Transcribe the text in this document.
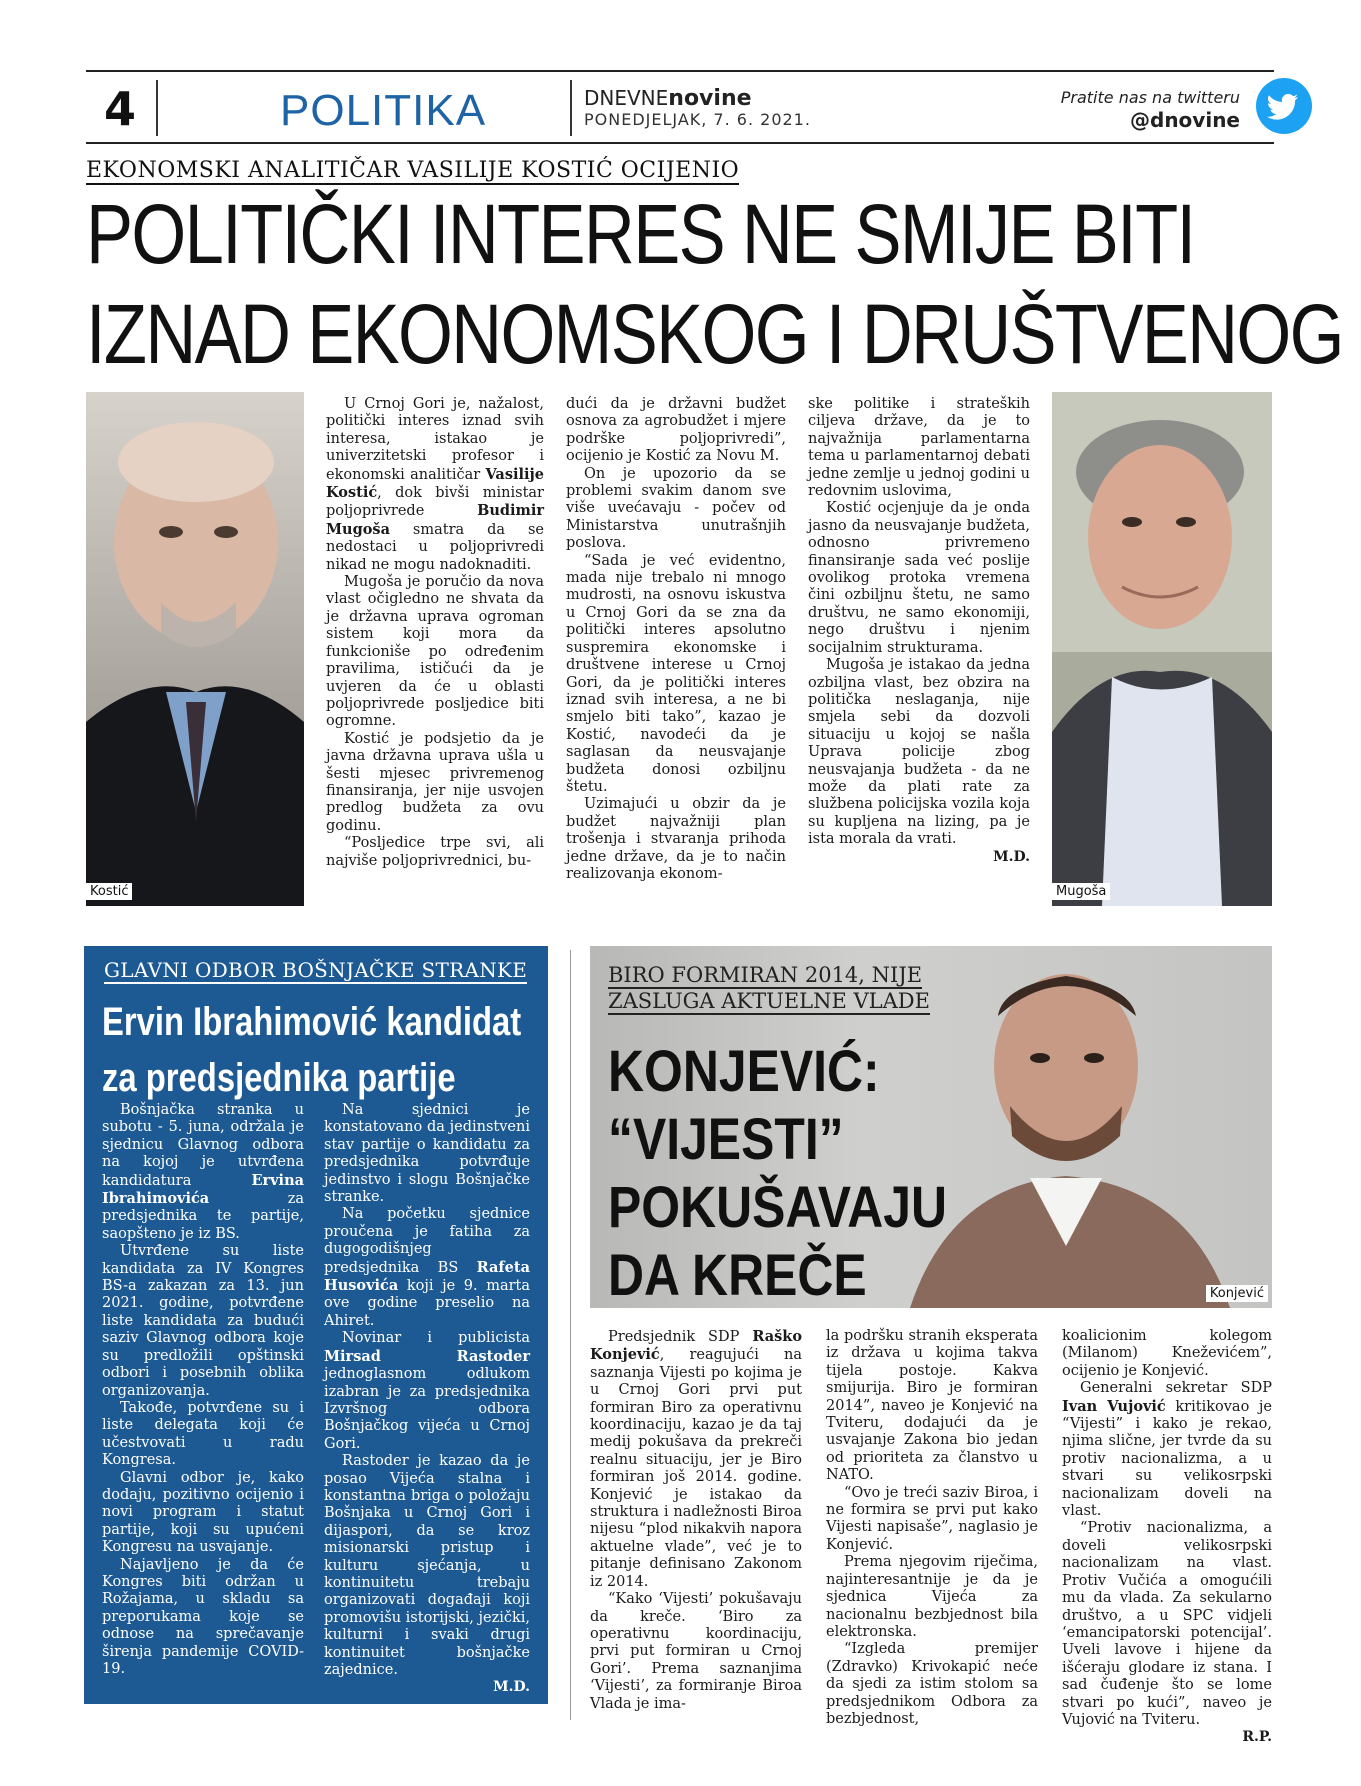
4	POLITIKA	DNEVNEnovine
PONEDJELJAK, 7. 6. 2021.
Pratite nas na twitteru
@dnovine
EKONOMSKI ANALITIČAR VASILIJE KOSTIĆ OCIJENIO
POLITIČKI INTERES NE SMIJE BITI
IZNAD EKONOMSKOG I DRUŠTVENOG
Kostić

U Crnoj Gori je, nažalost, politički interes iznad svih interesa, istakao je univerzitetski profesor i ekonomski analitičar Vasilije Kostić, dok bivši ministar poljoprivrede Budimir Mugoša smatra da se nedostaci u poljoprivredi nikad ne mogu nadoknaditi.

Mugoša je poručio da nova vlast očigledno ne shvata da je državna uprava ogroman sistem koji mora da funkcioniše po određenim pravilima, ističući da je uvjeren da će u oblasti poljoprivrede posljedice biti ogromne.

Kostić je podsjetio da je javna državna uprava ušla u šesti mjesec privremenog finansiranja, jer nije usvojen predlog budžeta za ovu godinu.

“Posljedice trpe svi, ali najviše poljoprivrednici, bu-

dući da je državni budžet osnova za agrobudžet i mjere podrške poljoprivredi”, ocijenio je Kostić za Novu M.

On je upozorio da se problemi svakim danom sve više uvećavaju - počev od Ministarstva unutrašnjih poslova.

“Sada je već evidentno, mada nije trebalo ni mnogo mudrosti, na osnovu iskustva u Crnoj Gori da se zna da politički interes apsolutno suspremira ekonomske i društvene interese u Crnoj Gori, da je politički interes iznad svih interesa, a ne bi smjelo biti tako”, kazao je Kostić, navodeći da je saglasan da neusvajanje budžeta donosi ozbiljnu štetu.

Uzimajući u obzir da je budžet najvažniji plan trošenja i stvaranja prihoda jedne države, da je to način realizovanja ekonom-

ske politike i strateških ciljeva države, da je to najvažnija parlamentarna tema u parlamentarnoj debati jedne zemlje u jednoj godini u redovnim uslovima,

Kostić ocjenjuje da je onda jasno da neusvajanje budžeta, odnosno privremeno finansiranje sada već poslije ovolikog protoka vremena čini ozbiljnu štetu, ne samo društvu, ne samo ekonomiji, nego društvu i njenim socijalnim strukturama.

Mugoša je istakao da jedna ozbiljna vlast, bez obzira na politička neslaganja, nije smjela sebi da dozvoli situaciju u kojoj se našla Uprava policije zbog neusvajanja budžeta - da ne može da plati rate za službena policijska vozila koja su kupljena na lizing, pa je ista morala da vrati.

M.D.
Mugoša
GLAVNI ODBOR BOŠNJAČKE STRANKE
Ervin Ibrahimović kandidat za predsjednika partije

Bošnjačka stranka u subotu - 5. juna, održala je sjednicu Glavnog odbora na kojoj je utvrđena kandidatura Ervina Ibrahimovića za predsjednika te partije, saopšteno je iz BS.

Utvrđene su liste kandidata za IV Kongres BS-a zakazan za 13. jun 2021. godine, potvrđene liste kandidata za budući saziv Glavnog odbora koje su predložili opštinski odbori i posebnih oblika organizovanja.

Takođe, potvrđene su i liste delegata koji će učestvovati u radu Kongresa.

Glavni odbor je, kako dodaju, pozitivno ocijenio i novi program i statut partije, koji su upućeni Kongresu na usvajanje.

Najavljeno je da će Kongres biti održan u Rožajama, u skladu sa preporukama koje se odnose na sprečavanje širenja pandemije COVID-19.

Na sjednici je konstatovano da jedinstveni stav partije o kandidatu za predsjednika potvrđuje jedinstvo i slogu Bošnjačke stranke.

Na početku sjednice proučena je fatiha za dugogodišnjeg predsjednika BS Rafeta Husovića koji je 9. marta ove godine preselio na Ahiret.

Novinar i publicista Mirsad Rastoder jednoglasnom odlukom izabran je za predsjednika Izvršnog odbora Bošnjačkog vijeća u Crnoj Gori.

Rastoder je kazao da je posao Vijeća stalna i konstantna briga o položaju Bošnjaka u Crnoj Gori i dijaspori, da se kroz misionarski pristup i kulturu sjećanja, u kontinuitetu trebaju organizovati događaji koji promovišu istorijski, jezički, kulturni i svaki drugi kontinuitet bošnjačke zajednice.

M.D.
BIRO FORMIRAN 2014, NIJE
ZASLUGA AKTUELNE VLADE
KONJEVIĆ:
“VIJESTI”
POKUŠAVAJU
DA KREČE	Konjević

Predsjednik SDP Raško Konjević, reagujući na saznanja Vijesti po kojima je u Crnoj Gori prvi put formiran Biro za operativnu koordinaciju, kazao je da taj medij pokušava da prekreči realnu situaciju, jer je Biro formiran još 2014. godine. Konjević je istakao da struktura i nadležnosti Biroa nijesu “plod nikakvih napora aktuelne vlade”, već je to pitanje definisano Zakonom iz 2014.

“Kako ‘Vijesti’ pokušavaju da kreče. ‘Biro za operativnu koordinaciju, prvi put formiran u Crnoj Gori’. Prema saznanjima ‘Vijesti’, za formiranje Biroa Vlada je ima-

la podršku stranih eksperata iz država u kojima takva tijela postoje. Kakva smijurija. Biro je formiran 2014”, naveo je Konjević na Tviteru, dodajući da je usvajanje Zakona bio jedan od prioriteta za članstvo u NATO.

“Ovo je treći saziv Biroa, i ne formira se prvi put kako Vijesti napisaše”, naglasio je Konjević.

Prema njegovim riječima, najinteresantnije je da je sjednica Vijeća za nacionalnu bezbjednost bila elektronska.

“Izgleda premijer (Zdravko) Krivokapić neće da sjedi za istim stolom sa predsjednikom Odbora za bezbjednost,

koalicionim kolegom (Milanom) Kneževićem”, ocijenio je Konjević.

Generalni sekretar SDP Ivan Vujović kritikovao je “Vijesti” i kako je rekao, njima slične, jer tvrde da su protiv nacionalizma, a u stvari su velikosrpski nacionalizam doveli na vlast.

“Protiv nacionalizma, a doveli velikosrpski nacionalizam na vlast. Protiv Vučića a omogućili mu da vlada. Za sekularno društvo, a u SPC vidjeli ‘emancipatorski potencijal’. Uveli lavove i hijene da išćeraju glodare iz stana. I sad čuđenje što se lome stvari po kući”, naveo je Vujović na Tviteru.

R.P.
